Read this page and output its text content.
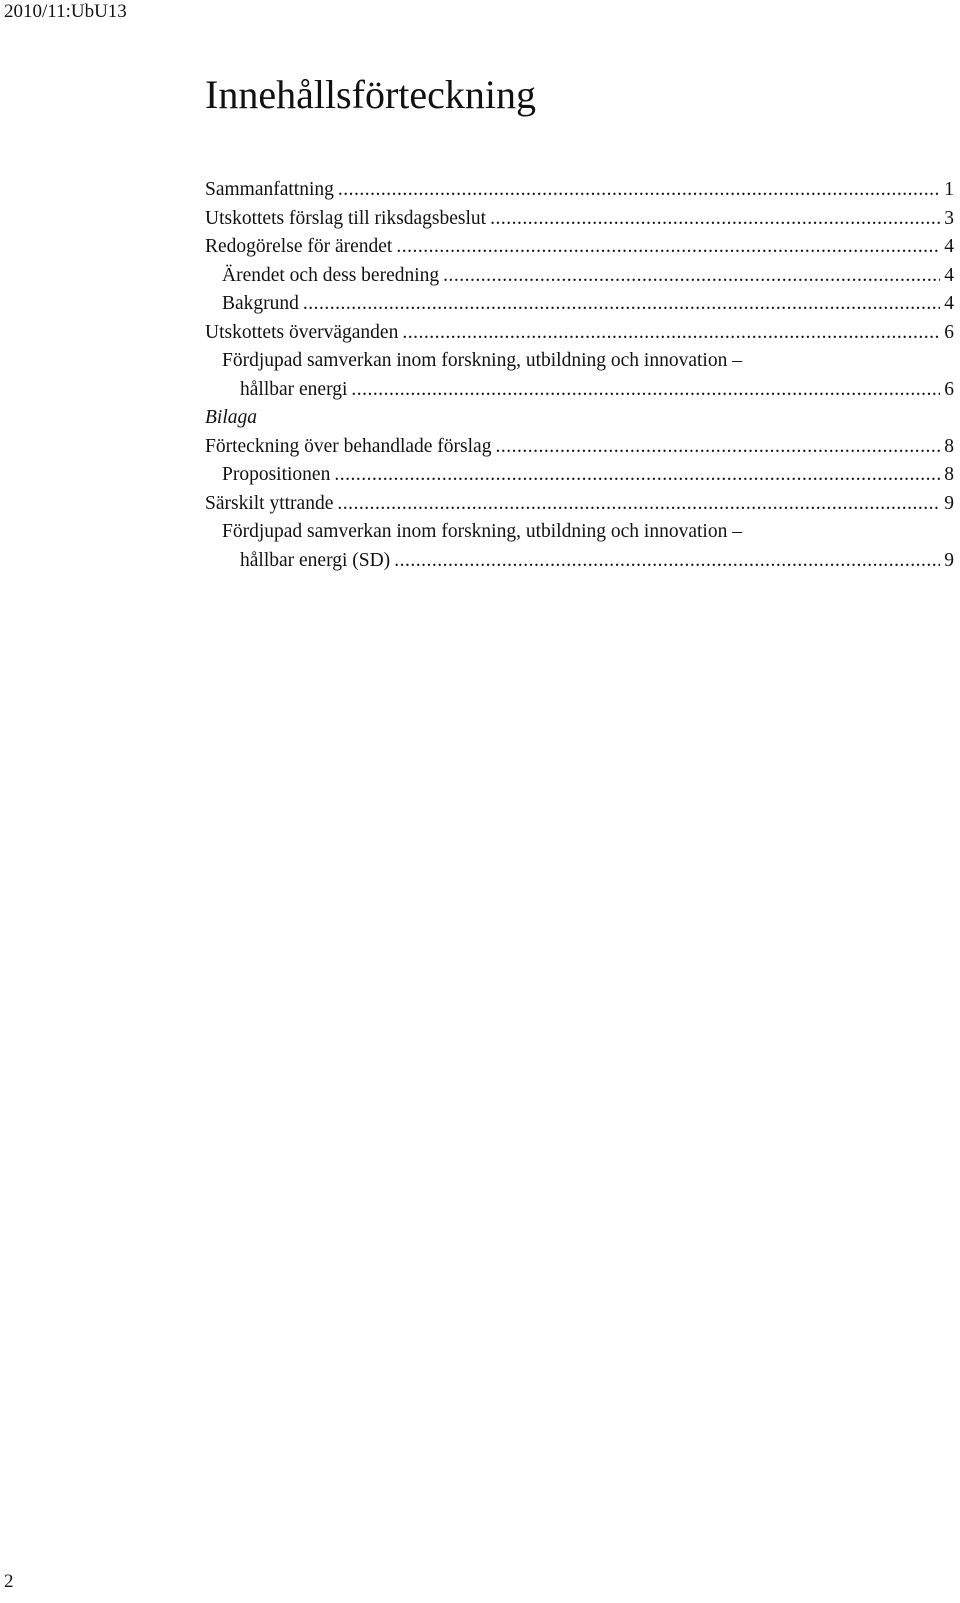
2010/11:UbU13
Innehållsförteckning
Sammanfattning .....	1
Utskottets förslag till riksdagsbeslut .....	3
Redogörelse för ärendet .....	4
Ärendet och dess beredning .....	4
Bakgrund .....	4
Utskottets överväganden .....	6
Fördjupad samverkan inom forskning, utbildning och innovation –
hållbar energi .....	6
Bilaga
Förteckning över behandlade förslag .....	8
Propositionen .....	8
Särskilt yttrande .....	9
Fördjupad samverkan inom forskning, utbildning och innovation –
hållbar energi (SD) .....	9
2
